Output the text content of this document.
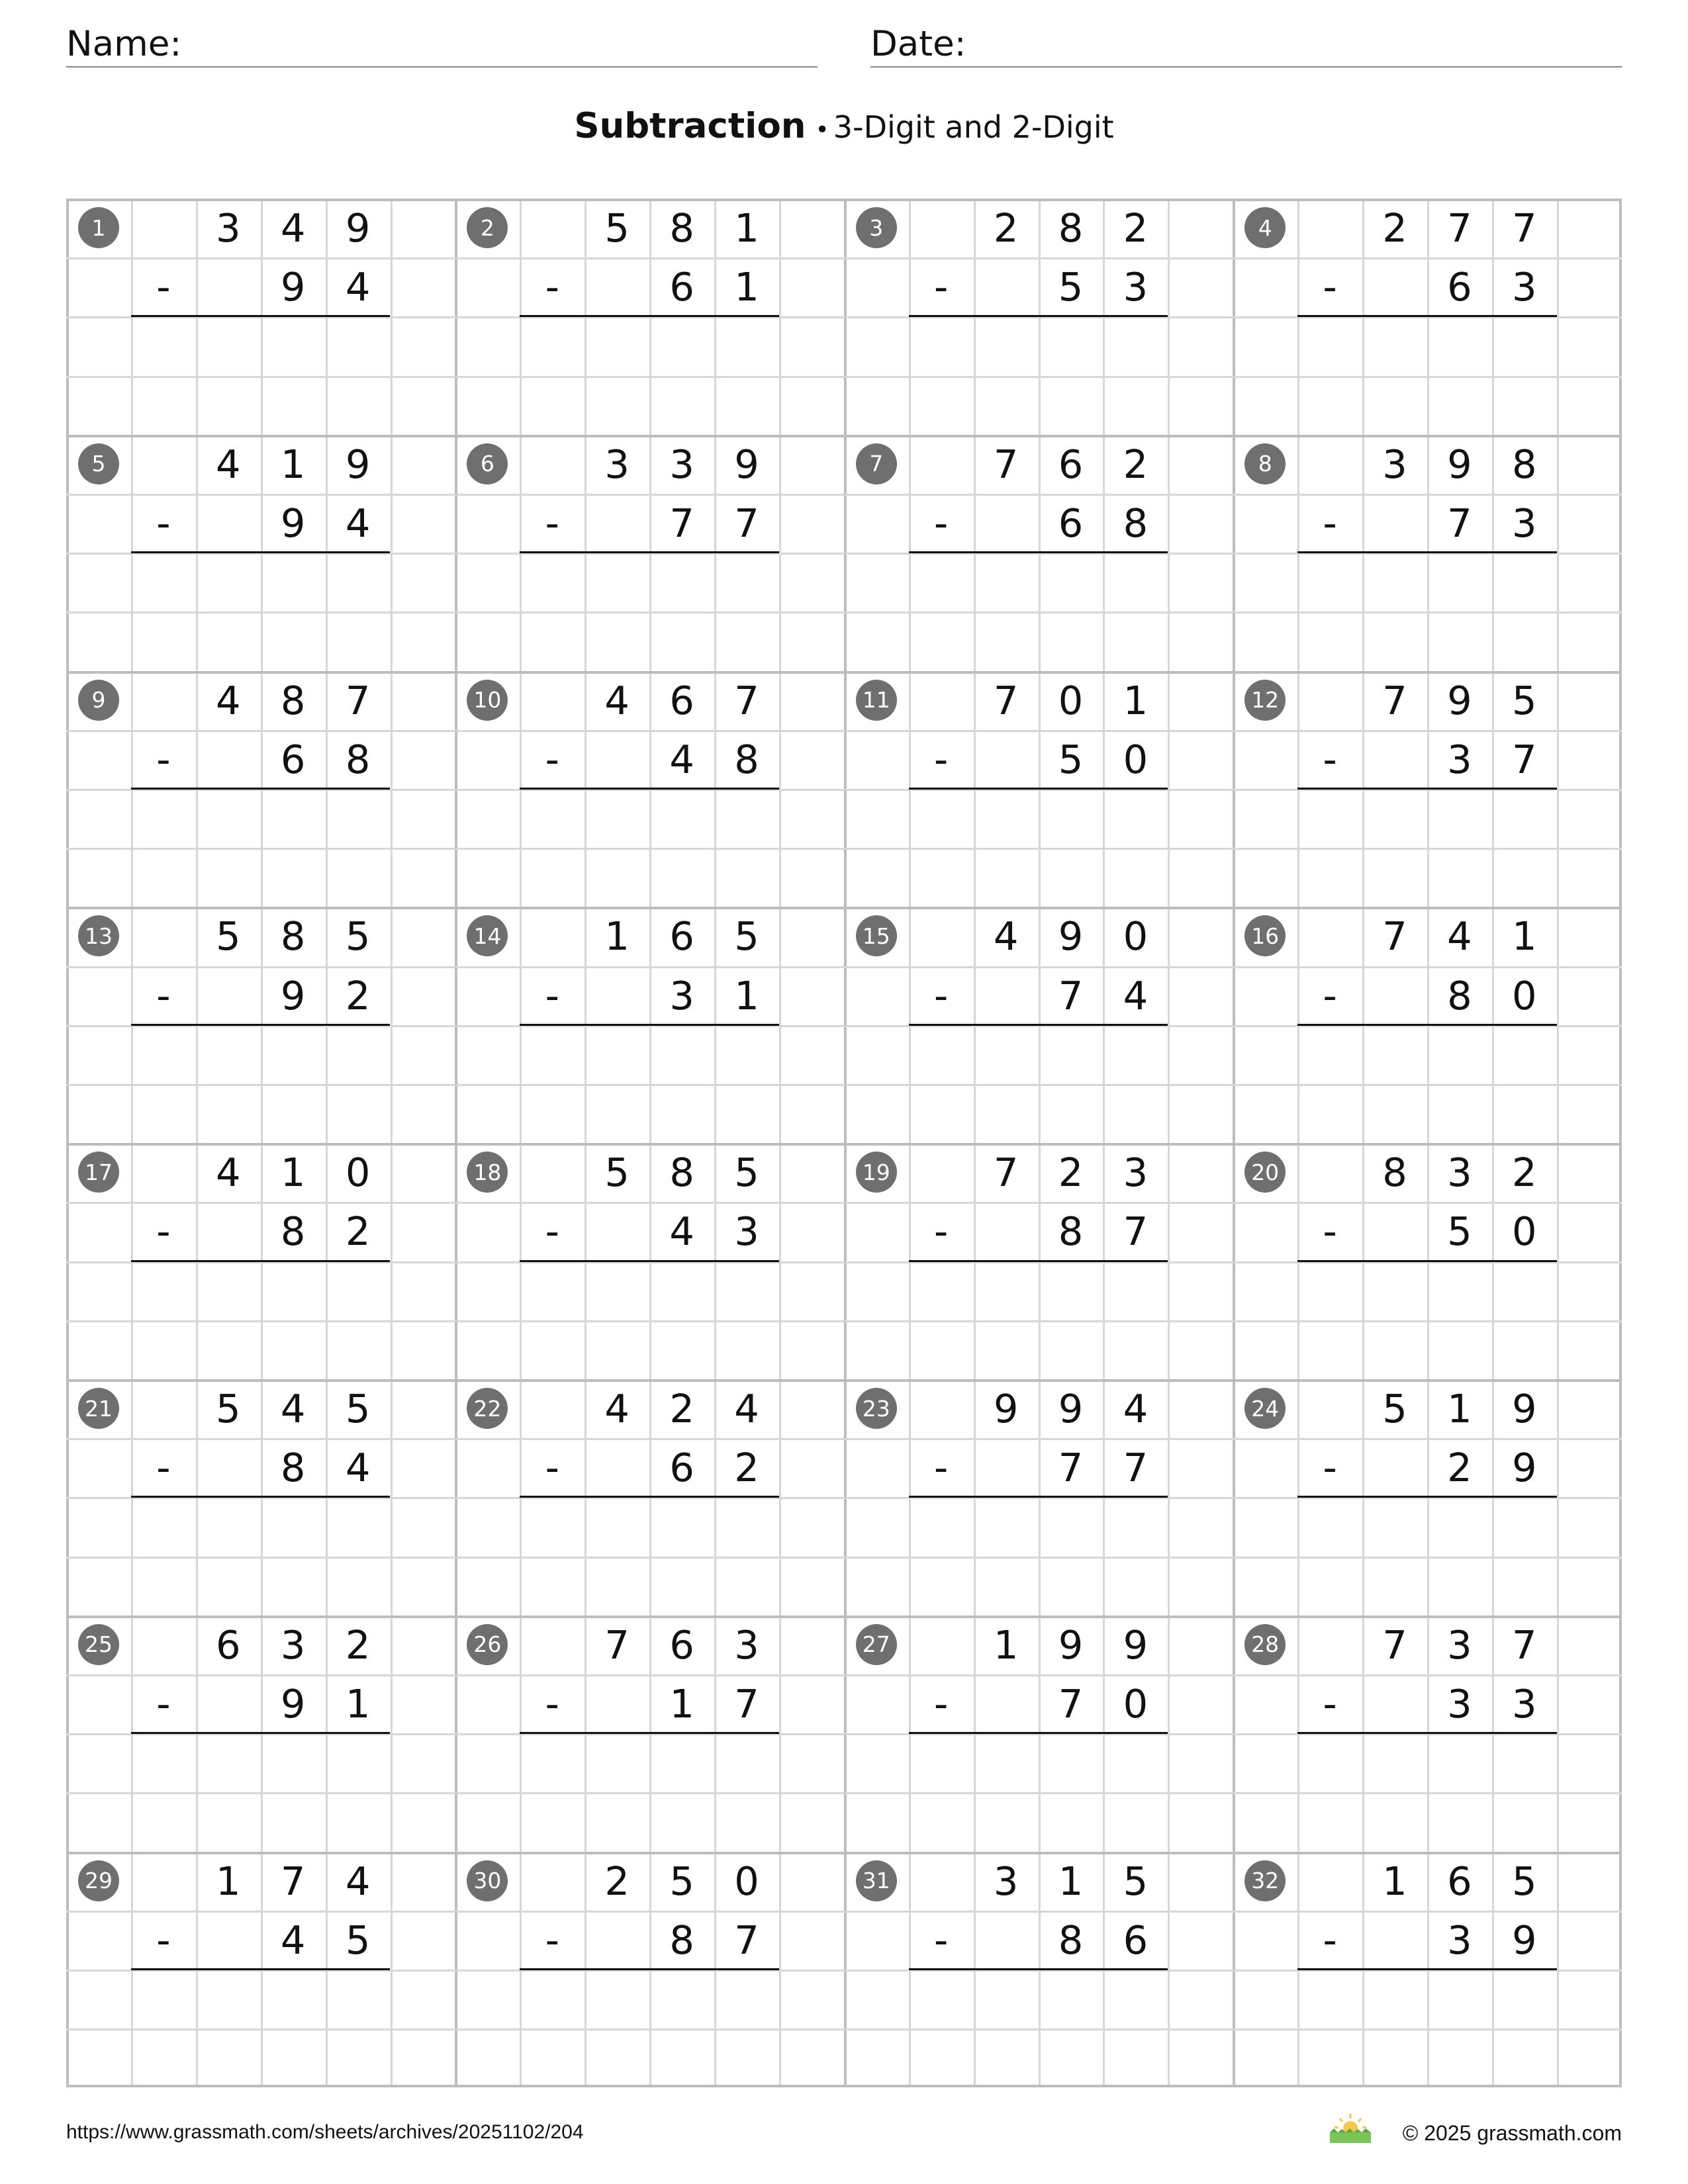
Name:	Date:
Subtraction • 3-Digit and 2-Digit
1	3	4	9
-	9	4
2	5	8	1
-	6	1
3	2	8	2
-	5	3
4	2	7	7
-	6	3
5	4	1	9
-	9	4
6	3	3	9
-	7	7
7	7	6	2
-	6	8
8	3	9	8
-	7	3
9	4	8	7
-	6	8
10	4	6	7
-	4	8
11	7	0	1
-	5	0
12	7	9	5
-	3	7
13	5	8	5
-	9	2
14	1	6	5
-	3	1
15	4	9	0
-	7	4
16	7	4	1
-	8	0
17	4	1	0
-	8	2
18	5	8	5
-	4	3
19	7	2	3
-	8	7
20	8	3	2
-	5	0
21	5	4	5
-	8	4
22	4	2	4
-	6	2
23	9	9	4
-	7	7
24	5	1	9
-	2	9
25	6	3	2
-	9	1
26	7	6	3
-	1	7
27	1	9	9
-	7	0
28	7	3	7
-	3	3
29	1	7	4
-	4	5
30	2	5	0
-	8	7
31	3	1	5
-	8	6
32	1	6	5
-	3	9
https://www.grassmath.com/sheets/archives/20251102/204	© 2025 grassmath.com
